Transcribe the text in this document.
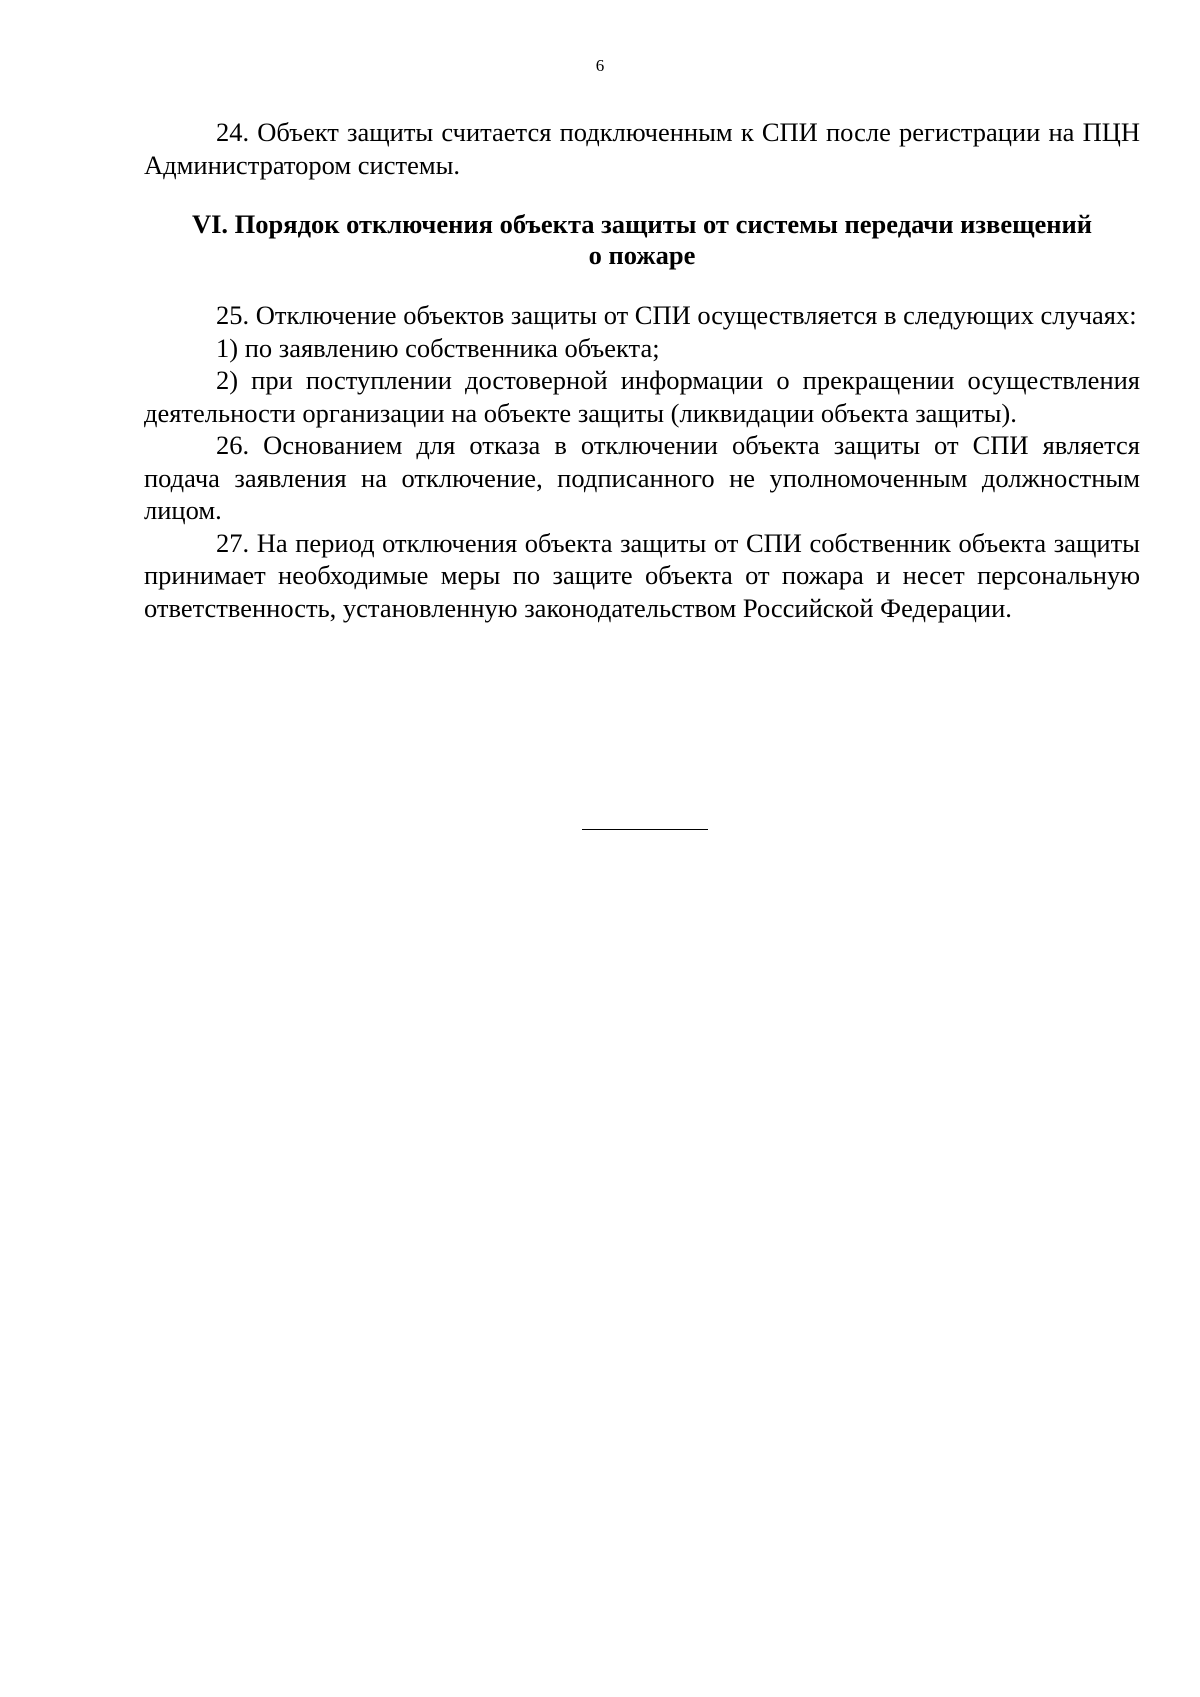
6

24. Объект защиты считается подключенным к СПИ после регистрации на ПЦН Администратором системы.

VI. Порядок отключения объекта защиты от системы передачи извещений
о пожаре

25. Отключение объектов защиты от СПИ осуществляется в следующих случаях:

1) по заявлению собственника объекта;

2) при поступлении достоверной информации о прекращении осуществления деятельности организации на объекте защиты (ликвидации объекта защиты).

26. Основанием для отказа в отключении объекта защиты от СПИ является подача заявления на отключение, подписанного не уполномоченным должностным лицом.

27. На период отключения объекта защиты от СПИ собственник объекта защиты принимает необходимые меры по защите объекта от пожара и несет персональную ответственность, установленную законодательством Российской Федерации.
